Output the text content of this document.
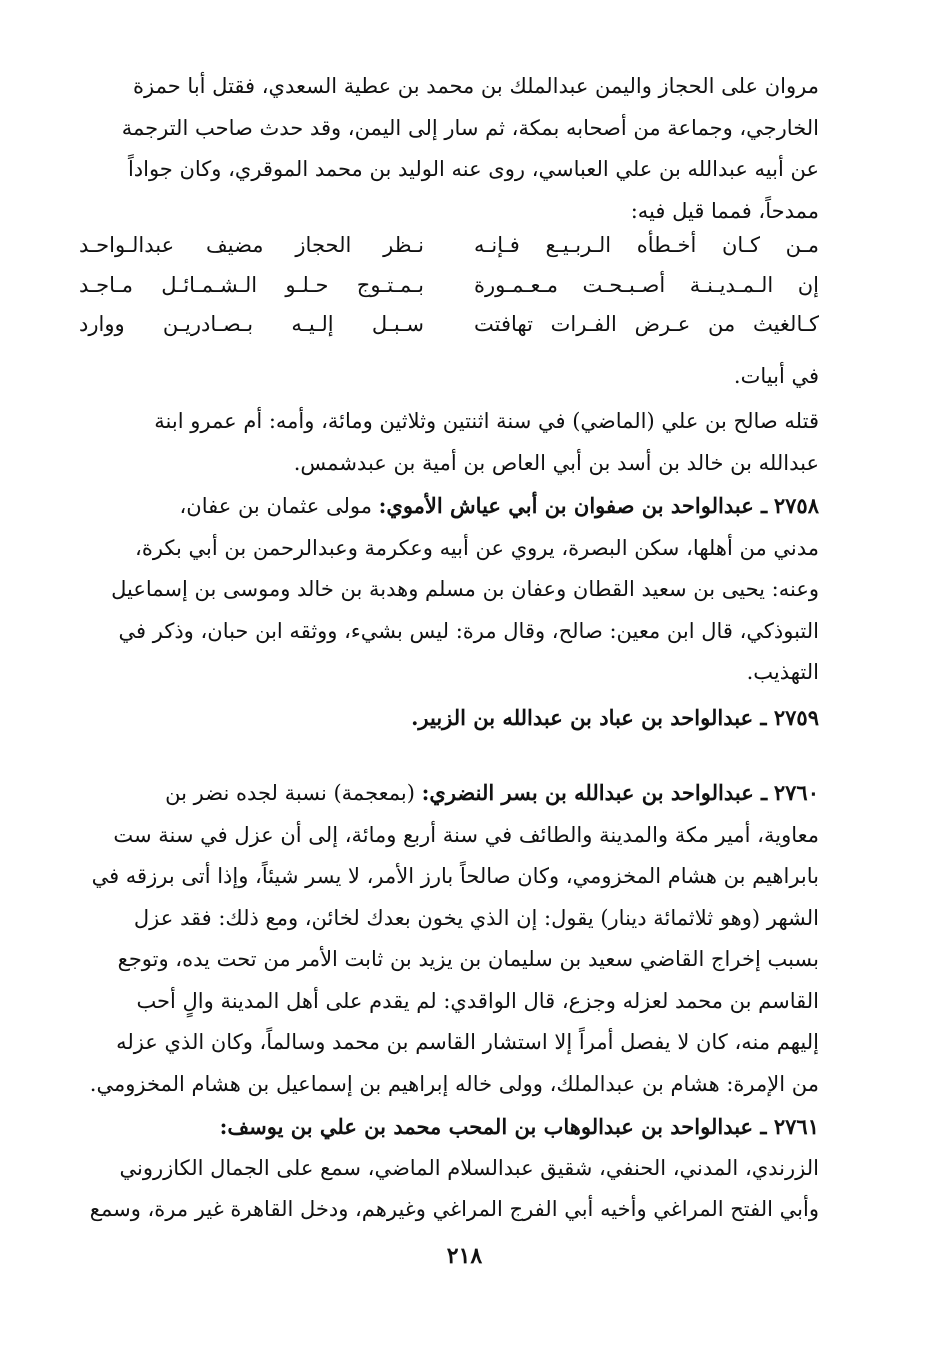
مروان على الحجاز واليمن عبدالملك بن محمد بن عطية السعدي، فقتل أبا حمزة
الخارجي، وجماعة من أصحابه بمكة، ثم سار إلى اليمن، وقد حدث صاحب الترجمة
عن أبيه عبدالله بن علي العباسي، روى عنه الوليد بن محمد الموقري، وكان جواداً
ممدحاً، فمما قيل فيه:
مـن كـان أخـطأه الـربـيـع فـإنـه
نـظر الحجاز مضيف عبدالـواحـد
إن الـمـديـنـة أصـبـحـت مـعـمـورة
بـمـتـوج حـلـو الـشـمـائـل مـاجـد
كـالغيث من عـرض الفـرات تهافتت
سـبـل إلـيـه بـصـادريـن ووارد
في أبيات.
قتله صالح بن علي (الماضي) في سنة اثنتين وثلاثين ومائة، وأمه: أم عمرو ابنة
عبدالله بن خالد بن أسد بن أبي العاص بن أمية بن عبدشمس.
٢٧٥٨ ـ عبدالواحد بن صفوان بن أبي عياش الأموي: مولى عثمان بن عفان،
مدني من أهلها، سكن البصرة، يروي عن أبيه وعكرمة وعبدالرحمن بن أبي بكرة،
وعنه: يحيى بن سعيد القطان وعفان بن مسلم وهدبة بن خالد وموسى بن إسماعيل
التبوذكي، قال ابن معين: صالح، وقال مرة: ليس بشيء، ووثقه ابن حبان، وذكر في
التهذيب.
٢٧٥٩ ـ عبدالواحد بن عباد بن عبدالله بن الزبير.
٢٧٦٠ ـ عبدالواحد بن عبدالله بن بسر النضري: (بمعجمة) نسبة لجده نضر بن
معاوية، أمير مكة والمدينة والطائف في سنة أربع ومائة، إلى أن عزل في سنة ست
بابراهيم بن هشام المخزومي، وكان صالحاً بارز الأمر، لا يسر شيئاً، وإذا أتى برزقه في
الشهر (وهو ثلاثمائة دينار) يقول: إن الذي يخون بعدك لخائن، ومع ذلك: فقد عزل
بسبب إخراج القاضي سعيد بن سليمان بن يزيد بن ثابت الأمر من تحت يده، وتوجع
القاسم بن محمد لعزله وجزع، قال الواقدي: لم يقدم على أهل المدينة والٍ أحب
إليهم منه، كان لا يفصل أمراً إلا استشار القاسم بن محمد وسالماً، وكان الذي عزله
من الإمرة: هشام بن عبدالملك، وولى خاله إبراهيم بن إسماعيل بن هشام المخزومي.
٢٧٦١ ـ عبدالواحد بن عبدالوهاب بن المحب محمد بن علي بن يوسف:
الزرندي، المدني، الحنفي، شقيق عبدالسلام الماضي، سمع على الجمال الكازروني
وأبي الفتح المراغي وأخيه أبي الفرج المراغي وغيرهم، ودخل القاهرة غير مرة، وسمع
٢١٨
